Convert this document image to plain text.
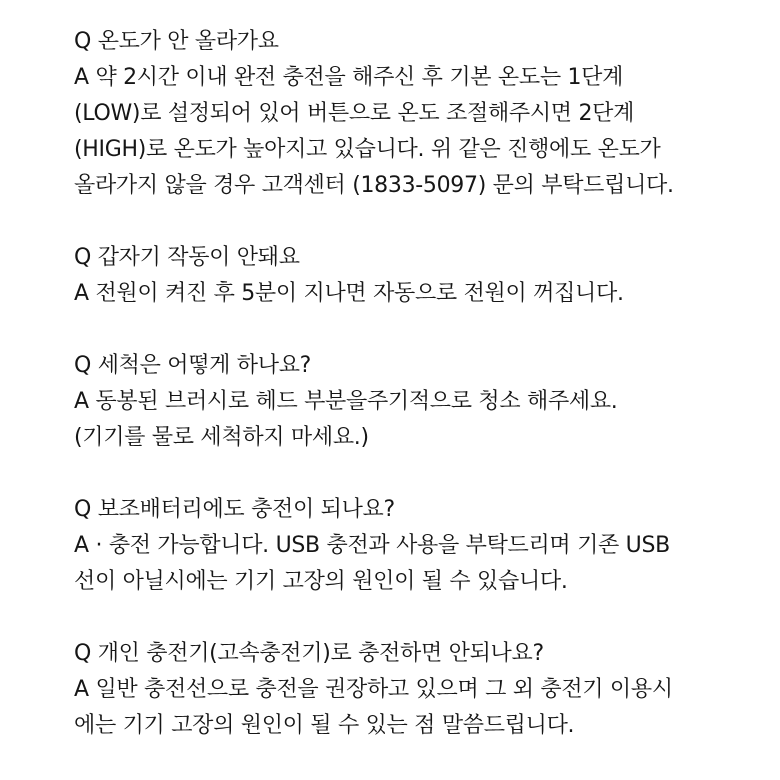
Q 온도가 안 올라가요
A 약 2시간 이내 완전 충전을 해주신 후 기본 온도는 1단계
(LOW)로 설정되어 있어 버튼으로 온도 조절해주시면 2단계
(HIGH)로 온도가 높아지고 있습니다. 위 같은 진행에도 온도가
올라가지 않을 경우 고객센터 (1833-5097) 문의 부탁드립니다.
Q 갑자기 작동이 안돼요
A 전원이 켜진 후 5분이 지나면 자동으로 전원이 꺼집니다.
Q 세척은 어떻게 하나요?
A 동봉된 브러시로 헤드 부분을주기적으로 청소 해주세요.
(기기를 물로 세척하지 마세요.)
Q 보조배터리에도 충전이 되나요?
A · 충전 가능합니다. USB 충전과 사용을 부탁드리며 기존 USB
선이 아닐시에는 기기 고장의 원인이 될 수 있습니다.
Q 개인 충전기(고속충전기)로 충전하면 안되나요?
A 일반 충전선으로 충전을 권장하고 있으며 그 외 충전기 이용시
에는 기기 고장의 원인이 될 수 있는 점 말씀드립니다.
